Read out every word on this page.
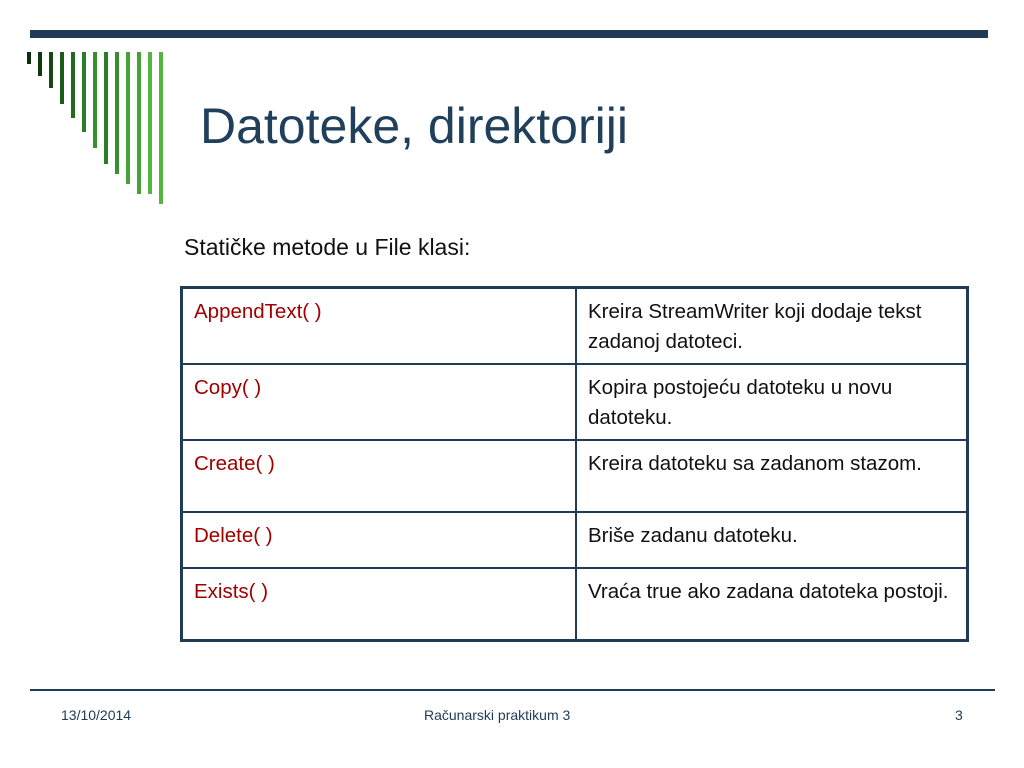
Datoteke, direktoriji
Statičke metode u File klasi:
AppendText( )	Kreira StreamWriter koji dodaje tekst zadanoj datoteci.
Copy( )	Kopira postojeću datoteku u novu datoteku.
Create( )	Kreira datoteku sa zadanom stazom.
Delete( )	Briše zadanu datoteku.
Exists( )	Vraća true ako zadana datoteka postoji.
13/10/2014	Računarski praktikum 3	3
